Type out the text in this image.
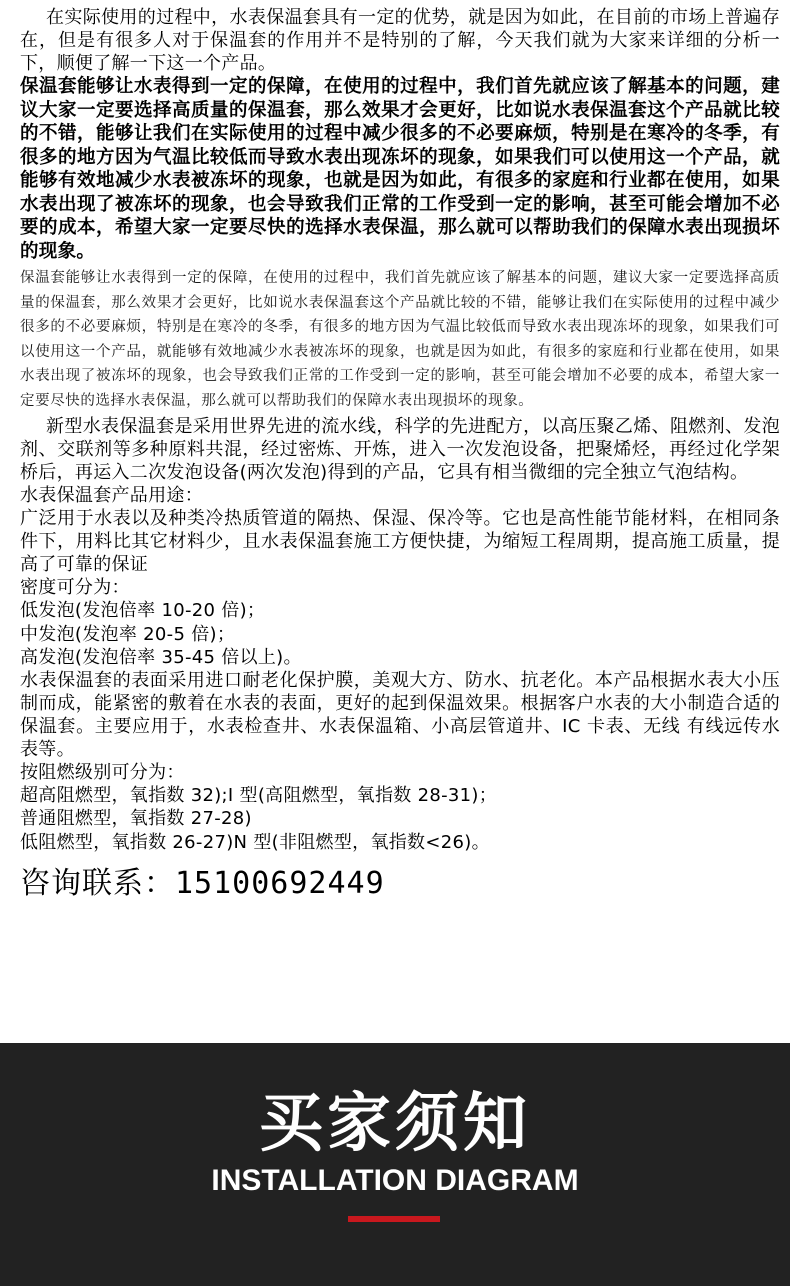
在实际使用的过程中，水表保温套具有一定的优势，就是因为如此，在目前的市场上普遍存在，但是有很多人对于保温套的作用并不是特别的了解，今天我们就为大家来详细的分析一下，顺便了解一下这一个产品。

保温套能够让水表得到一定的保障，在使用的过程中，我们首先就应该了解基本的问题，建议大家一定要选择高质量的保温套，那么效果才会更好，比如说水表保温套这个产品就比较的不错，能够让我们在实际使用的过程中减少很多的不必要麻烦，特别是在寒冷的冬季，有很多的地方因为气温比较低而导致水表出现冻坏的现象，如果我们可以使用这一个产品，就能够有效地减少水表被冻坏的现象，也就是因为如此，有很多的家庭和行业都在使用，如果水表出现了被冻坏的现象，也会导致我们正常的工作受到一定的影响，甚至可能会增加不必要的成本，希望大家一定要尽快的选择水表保温，那么就可以帮助我们的保障水表出现损坏的现象。

保温套能够让水表得到一定的保障，在使用的过程中，我们首先就应该了解基本的问题，建议大家一定要选择高质量的保温套，那么效果才会更好，比如说水表保温套这个产品就比较的不错，能够让我们在实际使用的过程中减少很多的不必要麻烦，特别是在寒冷的冬季，有很多的地方因为气温比较低而导致水表出现冻坏的现象，如果我们可以使用这一个产品，就能够有效地减少水表被冻坏的现象，也就是因为如此，有很多的家庭和行业都在使用，如果水表出现了被冻坏的现象，也会导致我们正常的工作受到一定的影响，甚至可能会增加不必要的成本，希望大家一定要尽快的选择水表保温，那么就可以帮助我们的保障水表出现损坏的现象。

新型水表保温套是采用世界先进的流水线，科学的先进配方，以高压聚乙烯、阻燃剂、发泡剂、交联剂等多种原料共混，经过密炼、开炼，进入一次发泡设备，把聚烯烃，再经过化学架桥后，再运入二次发泡设备(两次发泡)得到的产品，它具有相当微细的完全独立气泡结构。

水表保温套产品用途：

广泛用于水表以及种类冷热质管道的隔热、保湿、保冷等。它也是高性能节能材料，在相同条件下，用料比其它材料少，且水表保温套施工方便快捷，为缩短工程周期，提高施工质量，提高了可靠的保证

密度可分为：

低发泡(发泡倍率 10-20 倍)；

中发泡(发泡率 20-5 倍)；

高发泡(发泡倍率 35-45 倍以上)。

水表保温套的表面采用进口耐老化保护膜，美观大方、防水、抗老化。本产品根据水表大小压制而成，能紧密的敷着在水表的表面，更好的起到保温效果。根据客户水表的大小制造合适的保温套。主要应用于，水表检查井、水表保温箱、小高层管道井、IC 卡表、无线 有线远传水表等。

按阻燃级别可分为：

超高阻燃型，氧指数 32);I 型(高阻燃型，氧指数 28-31)；

普通阻燃型，氧指数 27-28)

低阻燃型，氧指数 26-27)N 型(非阻燃型，氧指数<26)。

咨询联系：15100692449

买家须知
INSTALLATION DIAGRAM
